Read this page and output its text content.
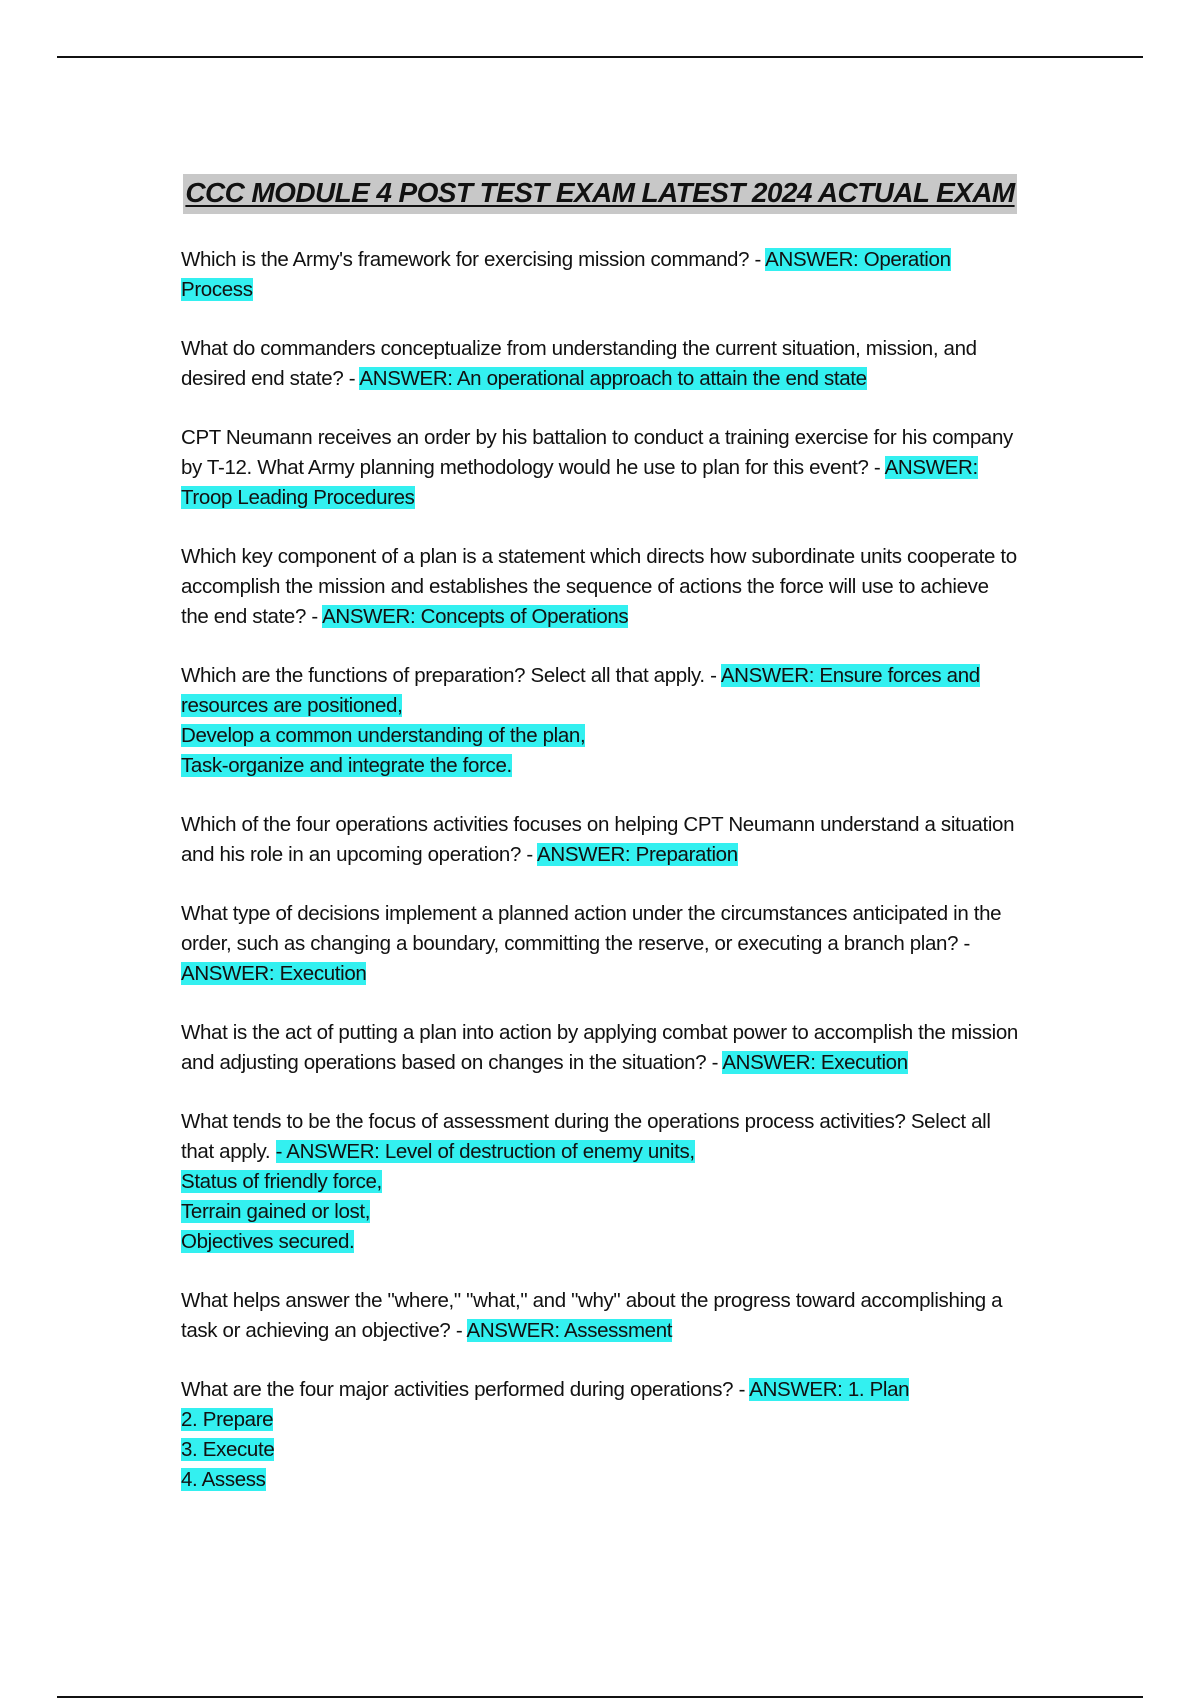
CCC MODULE 4 POST TEST EXAM LATEST 2024 ACTUAL EXAM
Which is the Army's framework for exercising mission command? - ANSWER: Operation Process
What do commanders conceptualize from understanding the current situation, mission, and desired end state? - ANSWER: An operational approach to attain the end state
CPT Neumann receives an order by his battalion to conduct a training exercise for his company by T-12. What Army planning methodology would he use to plan for this event? - ANSWER: Troop Leading Procedures
Which key component of a plan is a statement which directs how subordinate units cooperate to accomplish the mission and establishes the sequence of actions the force will use to achieve the end state? - ANSWER: Concepts of Operations
Which are the functions of preparation? Select all that apply. - ANSWER: Ensure forces and resources are positioned,
Develop a common understanding of the plan,
Task-organize and integrate the force.
Which of the four operations activities focuses on helping CPT Neumann understand a situation and his role in an upcoming operation? - ANSWER: Preparation
What type of decisions implement a planned action under the circumstances anticipated in the order, such as changing a boundary, committing the reserve, or executing a branch plan? - ANSWER: Execution
What is the act of putting a plan into action by applying combat power to accomplish the mission and adjusting operations based on changes in the situation? - ANSWER: Execution
What tends to be the focus of assessment during the operations process activities? Select all that apply. - ANSWER: Level of destruction of enemy units,
Status of friendly force,
Terrain gained or lost,
Objectives secured.
What helps answer the "where," "what," and "why" about the progress toward accomplishing a task or achieving an objective? - ANSWER: Assessment
What are the four major activities performed during operations? - ANSWER: 1. Plan
2. Prepare
3. Execute
4. Assess
